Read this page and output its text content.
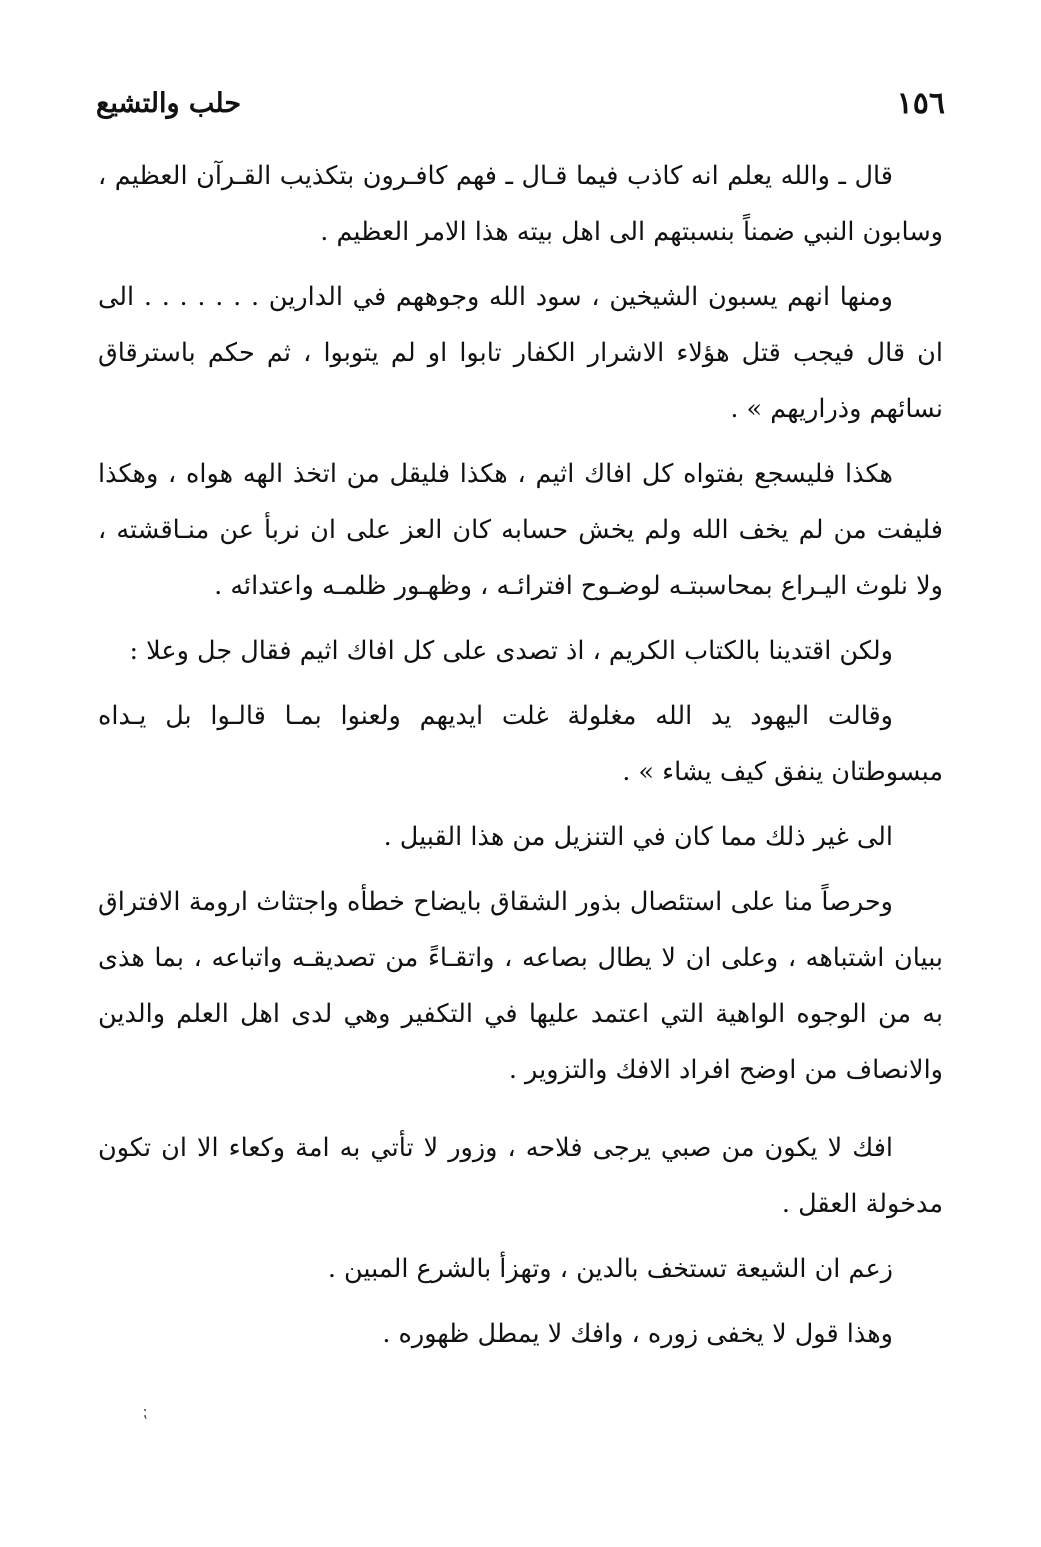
١٥٦
حلب والتشيع

قال ـ والله يعلم انه كاذب فيما قـال ـ فهم كافـرون بتكذيب القـرآن العظيم ، وسابون النبي ضمناً بنسبتهم الى اهل بيته هذا الامر العظيم .

ومنها انهم يسبون الشيخين ، سود الله وجوههم في الدارين . . . . . . . الى ان قال فيجب قتل هؤلاء الاشرار الكفار تابوا او لم يتوبوا ، ثم حكم باسترقاق نسائهم وذراريهم » .

هكذا فليسجع بفتواه كل افاك اثيم ، هكذا فليقل من اتخذ الهه هواه ، وهكذا فليفت من لم يخف الله ولم يخش حسابه كان العز على ان نربأ عن منـاقشته ، ولا نلوث اليـراع بمحاسبتـه لوضـوح افترائـه ، وظهـور ظلمـه واعتدائه .

ولكن اقتدينا بالكتاب الكريم ، اذ تصدى على كل افاك اثيم فقال جل وعلا :

وقالت اليهود يد الله مغلولة غلت ايديهم ولعنوا بمـا قالـوا بل يـداه مبسوطتان ينفق كيف يشاء » .

الى غير ذلك مما كان في التنزيل من هذا القبيل .

وحرصاً منا على استئصال بذور الشقاق بايضاح خطأه واجتثاث ارومة الافتراق ببيان اشتباهه ، وعلى ان لا يطال بصاعه ، واتقـاءً من تصديقـه واتباعه ، بما هذى به من الوجوه الواهية التي اعتمد عليها في التكفير وهي لدى اهل العلم والدين والانصاف من اوضح افراد الافك والتزوير .

افك لا يكون من صبي يرجى فلاحه ، وزور لا تأتي به امة وكعاء الا ان تكون مدخولة العقل .

زعم ان الشيعة تستخف بالدين ، وتهزأ بالشرع المبين .

وهذا قول لا يخفى زوره ، وافك لا يمطل ظهوره .

⁏
